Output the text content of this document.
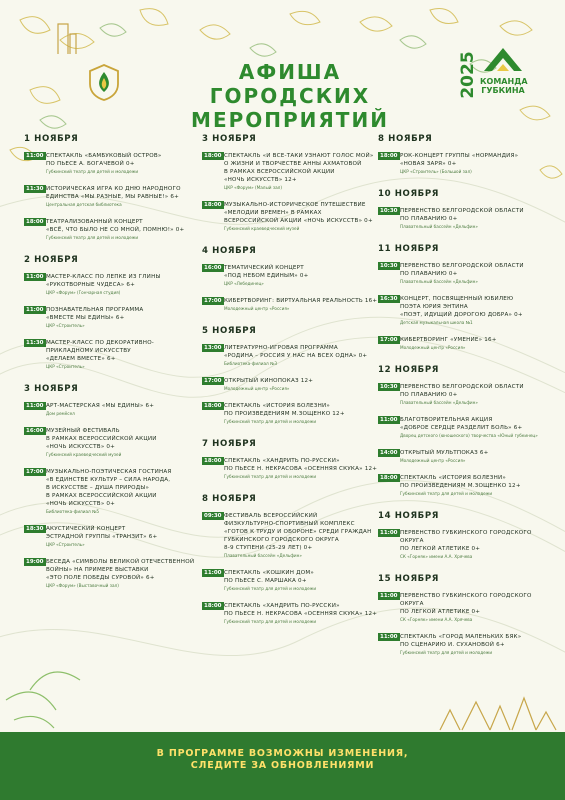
АФИША
ГОРОДСКИХ МЕРОПРИЯТИЙ
2025 КОМАНДА
ГУБКИНА
1 НОЯБРЯ
11:00 СПЕКТАКЛЬ «БАМБУКОВЫЙ ОСТРОВ»
ПО ПЬЕСЕ А. БОГАЧЕВОЙ 0+
Губкинский театр для детей и молодежи
11:30 ИСТОРИЧЕСКАЯ ИГРА КО ДНЮ НАРОДНОГО
ЕДИНСТВА «МЫ РАЗНЫЕ, МЫ РАВНЫЕ!» 6+
Центральная детская библиотека
18:00 ТЕАТРАЛИЗОВАННЫЙ КОНЦЕРТ
«ВСЁ, ЧТО БЫЛО НЕ СО МНОЙ, ПОМНЮ!» 0+
Губкинский театр для детей и молодежи
2 НОЯБРЯ
11:00 МАСТЕР-КЛАСС ПО ЛЕПКЕ ИЗ ГЛИНЫ
«РУКОТВОРНЫЕ ЧУДЕСА» 6+
ЦКР «Форум» (Гончарная студия)
11:00 ПОЗНАВАТЕЛЬНАЯ ПРОГРАММА
«ВМЕСТЕ МЫ ЕДИНЫ» 6+
ЦКР «Строитель»
11:30 МАСТЕР-КЛАСС ПО ДЕКОРАТИВНО-
ПРИКЛАДНОМУ ИСКУССТВУ
«ДЕЛАЕМ ВМЕСТЕ» 6+
ЦКР «Строитель»
3 НОЯБРЯ
11:00 АРТ-МАСТЕРСКАЯ «МЫ ЕДИНЫ» 6+
Дом ремёсел
16:00 МУЗЕЙНЫЙ ФЕСТИВАЛЬ
В РАМКАХ ВСЕРОССИЙСКОЙ АКЦИИ
«НОЧЬ ИСКУССТВ» 0+
Губкинский краеведческий музей
17:00 МУЗЫКАЛЬНО-ПОЭТИЧЕСКАЯ ГОСТИНАЯ
«В ЕДИНСТВЕ КУЛЬТУР – СИЛА НАРОДА,
В ИСКУССТВЕ – ДУША ПРИРОДЫ»
В РАМКАХ ВСЕРОССИЙСКОЙ АКЦИИ
«НОЧЬ ИСКУССТВ» 0+
Библиотека-филиал №5
18:30 АКУСТИЧЕСКИЙ КОНЦЕРТ
ЭСТРАДНОЙ ГРУППЫ «ТРАНЗИТ» 6+
ЦКР «Строитель»
19:00 БЕСЕДА «СИМВОЛЫ ВЕЛИКОЙ ОТЕЧЕСТВЕННОЙ
ВОЙНЫ» НА ПРИМЕРЕ ВЫСТАВКИ
«ЭТО ПОЛЕ ПОБЕДЫ СУРОВОЙ» 6+
ЦКР «Форум» (Выставочный зал)
3 НОЯБРЯ
18:00 СПЕКТАКЛЬ «И ВСЕ-ТАКИ УЗНАЮТ ГОЛОС МОЙ»
О ЖИЗНИ И ТВОРЧЕСТВЕ АННЫ АХМАТОВОЙ
В РАМКАХ ВСЕРОССИЙСКОЙ АКЦИИ
«НОЧЬ ИСКУССТВ» 12+
ЦКР «Форум» (Малый зал)
18:00 МУЗЫКАЛЬНО-ИСТОРИЧЕСКОЕ ПУТЕШЕСТВИЕ
«МЕЛОДИИ ВРЕМЕН» В РАМКАХ
ВСЕРОССИЙСКОЙ АКЦИИ «НОЧЬ ИСКУССТВ» 0+
Губкинский краеведческий музей
4 НОЯБРЯ
16:00 ТЕМАТИЧЕСКИЙ КОНЦЕРТ
«ПОД НЕБОМ ЕДИНЫМ» 0+
ЦКР «Лебединец»
17:00 КИБЕРТВОРИНГ: ВИРТУАЛЬНАЯ РЕАЛЬНОСТЬ 16+
Молодежный центр «Россия»
5 НОЯБРЯ
13:00 ЛИТЕРАТУРНО-ИГРОВАЯ ПРОГРАММА
«РОДИНА – РОССИЯ У НАС НА ВСЕХ ОДНА» 0+
Библиотека-филиал №3
17:00 ОТКРЫТЫЙ КИНОПОКАЗ 12+
Молодежный центр «Россия»
18:00 СПЕКТАКЛЬ «ИСТОРИЯ БОЛЕЗНИ»
ПО ПРОИЗВЕДЕНИЯМ М.ЗОЩЕНКО 12+
Губкинский театр для детей и молодежи
7 НОЯБРЯ
18:00 СПЕКТАКЛЬ «ХАНДРИТЬ ПО-РУССКИ»
ПО ПЬЕСЕ Н. НЕКРАСОВА «ОСЕННЯЯ СКУКА» 12+
Губкинский театр для детей и молодежи
8 НОЯБРЯ
09:30 ФЕСТИВАЛЬ ВСЕРОССИЙСКИЙ
ФИЗКУЛЬТУРНО-СПОРТИВНЫЙ КОМПЛЕКС
«ГОТОВ К ТРУДУ И ОБОРОНЕ» СРЕДИ ГРАЖДАН
ГУБКИНСКОГО ГОРОДСКОГО ОКРУГА
8-9 СТУПЕНИ (25-29 ЛЕТ) 0+
Плавательный бассейн «Дельфин»
11:00 СПЕКТАКЛЬ «КОШКИН ДОМ»
ПО ПЬЕСЕ С. МАРШАКА 0+
Губкинский театр для детей и молодежи
18:00 СПЕКТАКЛЬ «ХАНДРИТЬ ПО-РУССКИ»
ПО ПЬЕСЕ Н. НЕКРАСОВА «ОСЕННЯЯ СКУКА» 12+
Губкинский театр для детей и молодежи
8 НОЯБРЯ
18:00 РОК-КОНЦЕРТ ГРУППЫ «НОРМАНДИЯ»
«НОВАЯ ЗАРЯ» 0+
ЦКР «Строитель» (Большой зал)
10 НОЯБРЯ
10:30 ПЕРВЕНСТВО БЕЛГОРОДСКОЙ ОБЛАСТИ
ПО ПЛАВАНИЮ 0+
Плавательный бассейн «Дельфин»
11 НОЯБРЯ
10:30 ПЕРВЕНСТВО БЕЛГОРОДСКОЙ ОБЛАСТИ
ПО ПЛАВАНИЮ 0+
Плавательный бассейн «Дельфин»
16:30 КОНЦЕРТ, ПОСВЯЩЕННЫЙ ЮБИЛЕЮ
ПОЭТА ЮРИЯ ЭНТИНА
«ПОЭТ, ИДУЩИЙ ДОРОГОЮ ДОБРА» 0+
Детская музыкальная школа №1
17:00 КИБЕРТВОРИНГ «УМЕНИЕ» 16+
Молодежный центр «Россия»
12 НОЯБРЯ
10:30 ПЕРВЕНСТВО БЕЛГОРОДСКОЙ ОБЛАСТИ
ПО ПЛАВАНИЮ 0+
Плавательный бассейн «Дельфин»
11:00 БЛАГОТВОРИТЕЛЬНАЯ АКЦИЯ
«ДОБРОЕ СЕРДЦЕ РАЗДЕЛИТ БОЛЬ» 6+
Дворец детского (юношеского) творчества «Юный губкинец»
14:00 ОТКРЫТЫЙ МУЛЬТПОКАЗ 6+
Молодежный центр «Россия»
18:00 СПЕКТАКЛЬ «ИСТОРИЯ БОЛЕЗНИ»
ПО ПРОИЗВЕДЕНИЯМ М.ЗОЩЕНКО 12+
Губкинский театр для детей и молодежи
14 НОЯБРЯ
11:00 ПЕРВЕНСТВО ГУБКИНСКОГО ГОРОДСКОГО ОКРУГА
ПО ЛЕГКОЙ АТЛЕТИКЕ 0+
СК «Горняк» имени А.А. Хрячева
15 НОЯБРЯ
11:00 ПЕРВЕНСТВО ГУБКИНСКОГО ГОРОДСКОГО ОКРУГА
ПО ЛЕГКОЙ АТЛЕТИКЕ 0+
СК «Горняк» имени А.А. Хрячева
11:00 СПЕКТАКЛЬ «ГОРОД МАЛЕНЬКИХ БЯК»
ПО СЦЕНАРИЮ И. СУХАНОВОЙ 6+
Губкинский театр для детей и молодежи
В ПРОГРАММЕ ВОЗМОЖНЫ ИЗМЕНЕНИЯ,
СЛЕДИТЕ ЗА ОБНОВЛЕНИЯМИ
